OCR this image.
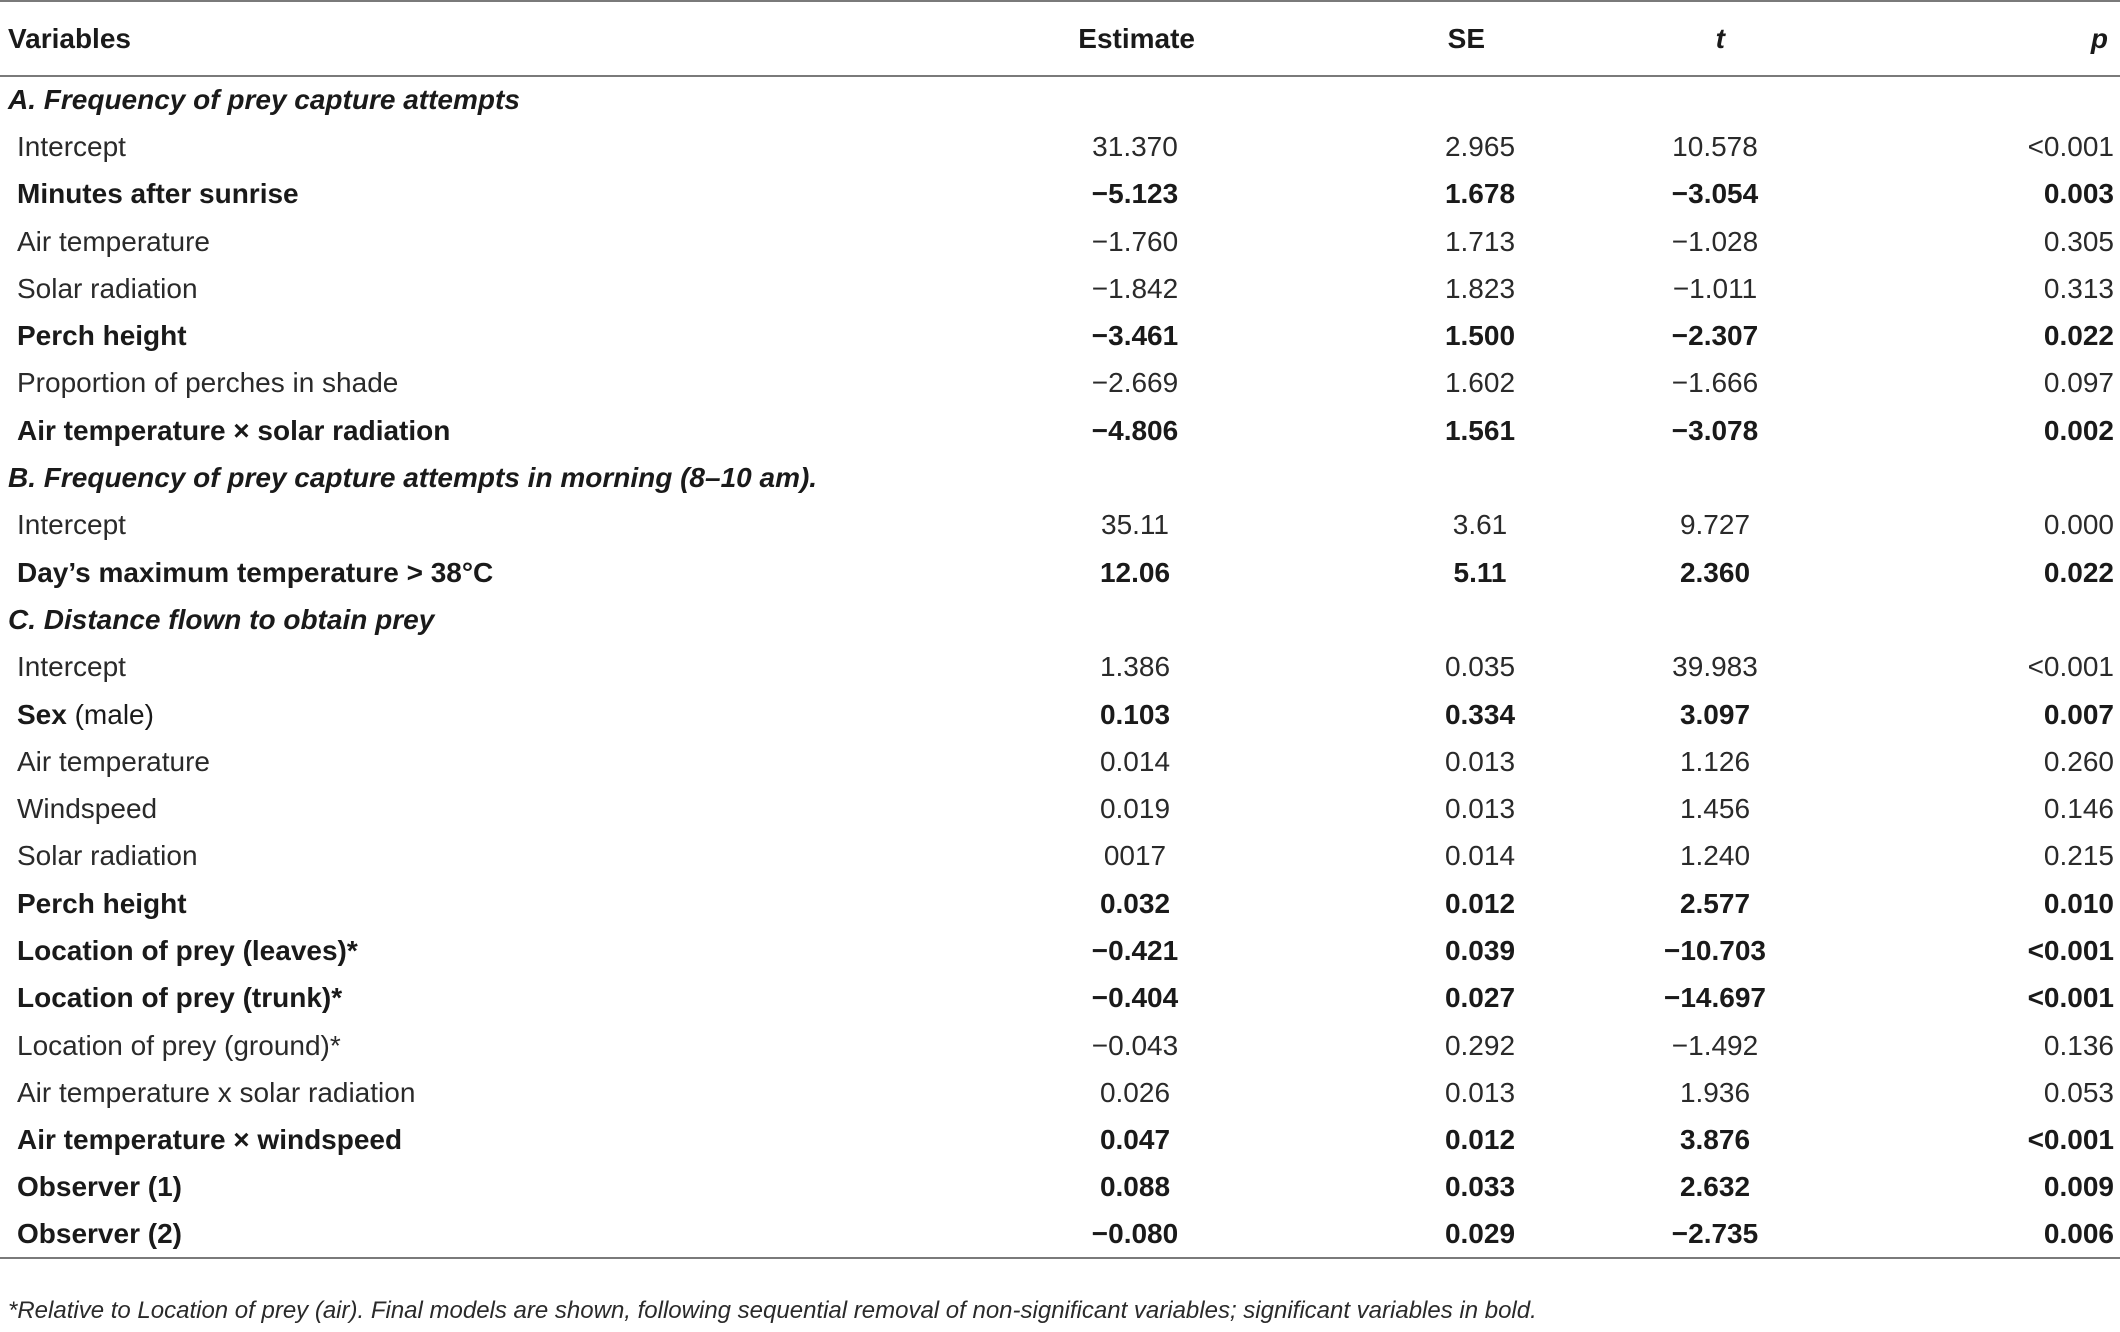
Variables	Estimate	SE	t	p
A. Frequency of prey capture attempts				
Intercept	31.370	2.965	10.578	<0.001
Minutes after sunrise	−5.123	1.678	−3.054	0.003
Air temperature	−1.760	1.713	−1.028	0.305
Solar radiation	−1.842	1.823	−1.011	0.313
Perch height	−3.461	1.500	−2.307	0.022
Proportion of perches in shade	−2.669	1.602	−1.666	0.097
Air temperature × solar radiation	−4.806	1.561	−3.078	0.002
B. Frequency of prey capture attempts in morning (8–10 am).				
Intercept	35.11	3.61	9.727	0.000
Day’s maximum temperature > 38°C	12.06	5.11	2.360	0.022
C. Distance flown to obtain prey				
Intercept	1.386	0.035	39.983	<0.001
Sex (male)	0.103	0.334	3.097	0.007
Air temperature	0.014	0.013	1.126	0.260
Windspeed	0.019	0.013	1.456	0.146
Solar radiation	0017	0.014	1.240	0.215
Perch height	0.032	0.012	2.577	0.010
Location of prey (leaves)*	−0.421	0.039	−10.703	<0.001
Location of prey (trunk)*	−0.404	0.027	−14.697	<0.001
Location of prey (ground)*	−0.043	0.292	−1.492	0.136
Air temperature x solar radiation	0.026	0.013	1.936	0.053
Air temperature × windspeed	0.047	0.012	3.876	<0.001
Observer (1)	0.088	0.033	2.632	0.009
Observer (2)	−0.080	0.029	−2.735	0.006
*Relative to Location of prey (air). Final models are shown, following sequential removal of non-significant variables; significant variables in bold.
